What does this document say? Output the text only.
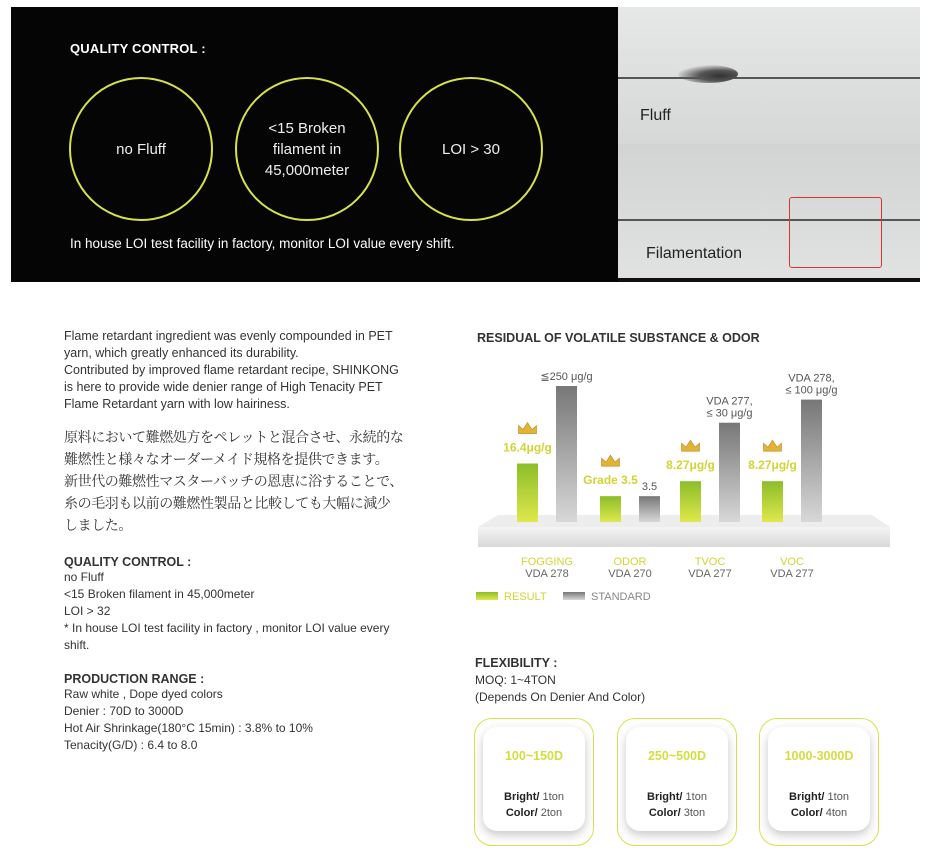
QUALITY CONTROL :
no Fluff
<15 Broken filament in 45,000meter
LOI > 30
In house LOI test facility in factory, monitor LOI value every shift.
Fluff
Filamentation
Flame retardant ingredient was evenly compounded in PET
yarn, which greatly enhanced its durability.
Contributed by improved flame retardant recipe, SHINKONG
is here to provide wide denier range of High Tenacity PET
Flame Retardant yarn with low hairiness.
原料において難燃処方をペレットと混合させ、永続的な
難燃性と様々なオーダーメイド規格を提供できます。
新世代の難燃性マスターバッチの恩恵に浴することで、
糸の毛羽も以前の難燃性製品と比較しても大幅に減少
しました。
QUALITY CONTROL :
no Fluff
<15 Broken filament in 45,000meter
LOI > 32
* In house LOI test facility in factory , monitor LOI value every
shift.
PRODUCTION RANGE :
Raw white , Dope dyed colors
Denier : 70D to 3000D
Hot Air Shrinkage(180°C 15min) : 3.8% to 10%
Tenacity(G/D) : 6.4 to 8.0
RESIDUAL OF VOLATILE SUBSTANCE & ODOR
16.4μg/g
≦250 μg/g
FOGGING
VDA 278
Grade 3.5 3.5
ODOR
VDA 270
8.27μg/g
VDA 277, ≤ 30 μg/g
TVOC
VDA 277
8.27μg/g
VDA 278, ≤ 100 μg/g
VOC
VDA 277
RESULT	STANDARD
FLEXIBILITY :
MOQ: 1~4TON
(Depends On Denier And Color)
100~150D
Bright/ 1ton
Color/ 2ton
250~500D
Bright/ 1ton
Color/ 3ton
1000-3000D
Bright/ 1ton
Color/ 4ton
